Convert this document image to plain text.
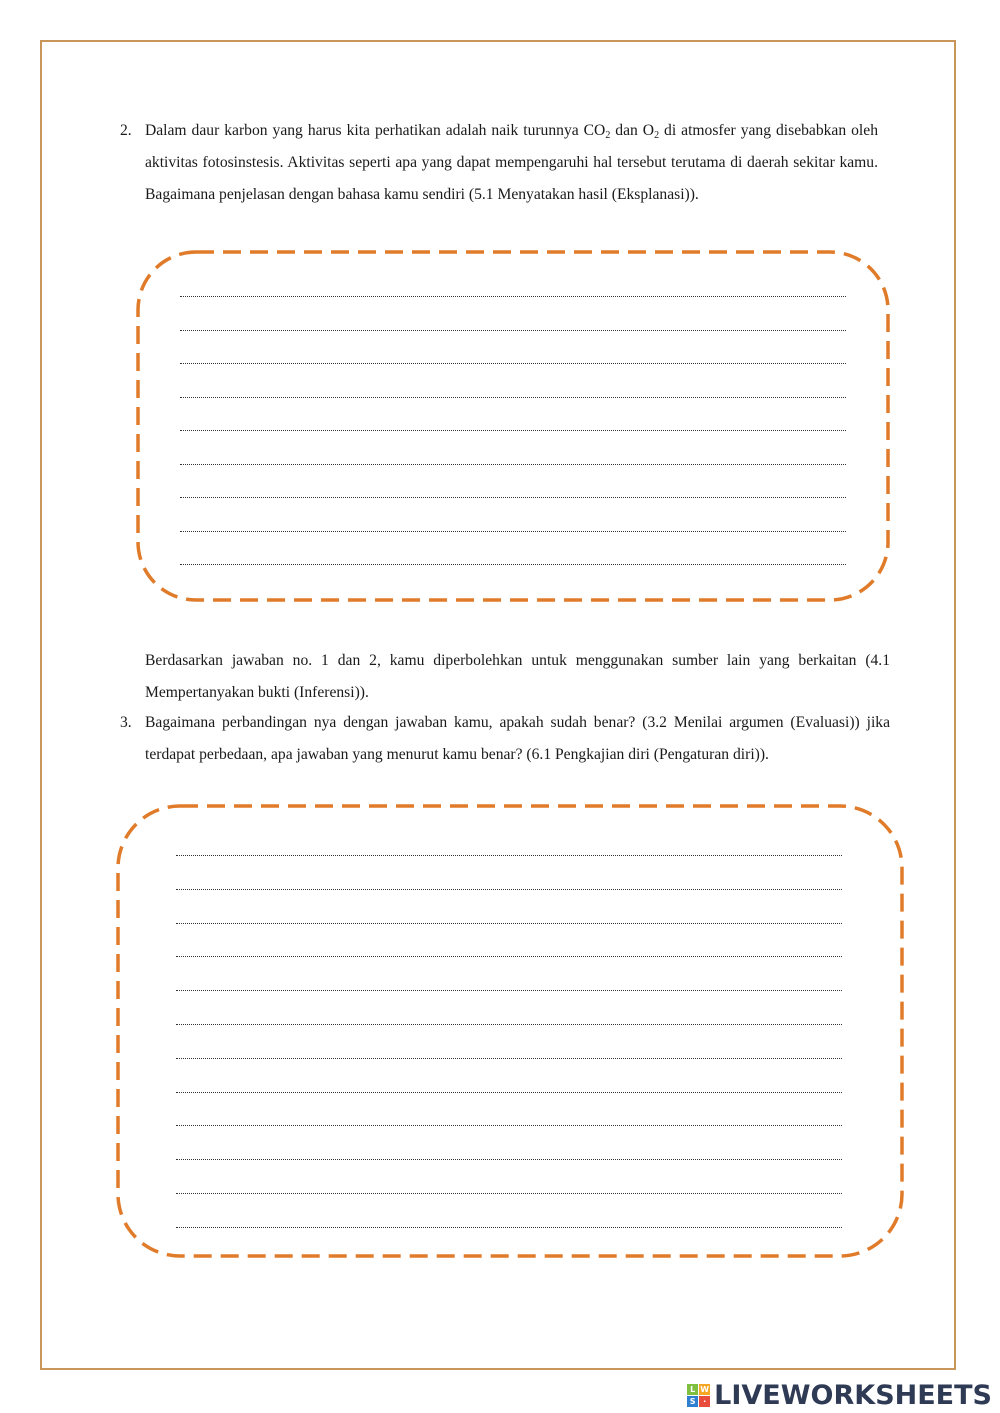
2. Dalam daur karbon yang harus kita perhatikan adalah naik turunnya $CO_2$ dan $O_2$ di atmosfer yang disebabkan oleh aktivitas fotosinstesis. Aktivitas seperti apa yang dapat mempengaruhi hal tersebut terutama di daerah sekitar kamu. Bagaimana penjelasan dengan bahasa kamu sendiri (5.1 Menyatakan hasil (Eksplanasi)).
Berdasarkan jawaban no. 1 dan 2, kamu diperbolehkan untuk menggunakan sumber lain yang berkaitan (4.1 Mempertanyakan bukti (Inferensi)).
3. Bagaimana perbandingan nya dengan jawaban kamu, apakah sudah benar? (3.2 Menilai argumen (Evaluasi)) jika terdapat perbedaan, apa jawaban yang menurut kamu benar? (6.1 Pengkajian diri (Pengaturan diri)).
L W
S · LIVEWORKSHEETS
